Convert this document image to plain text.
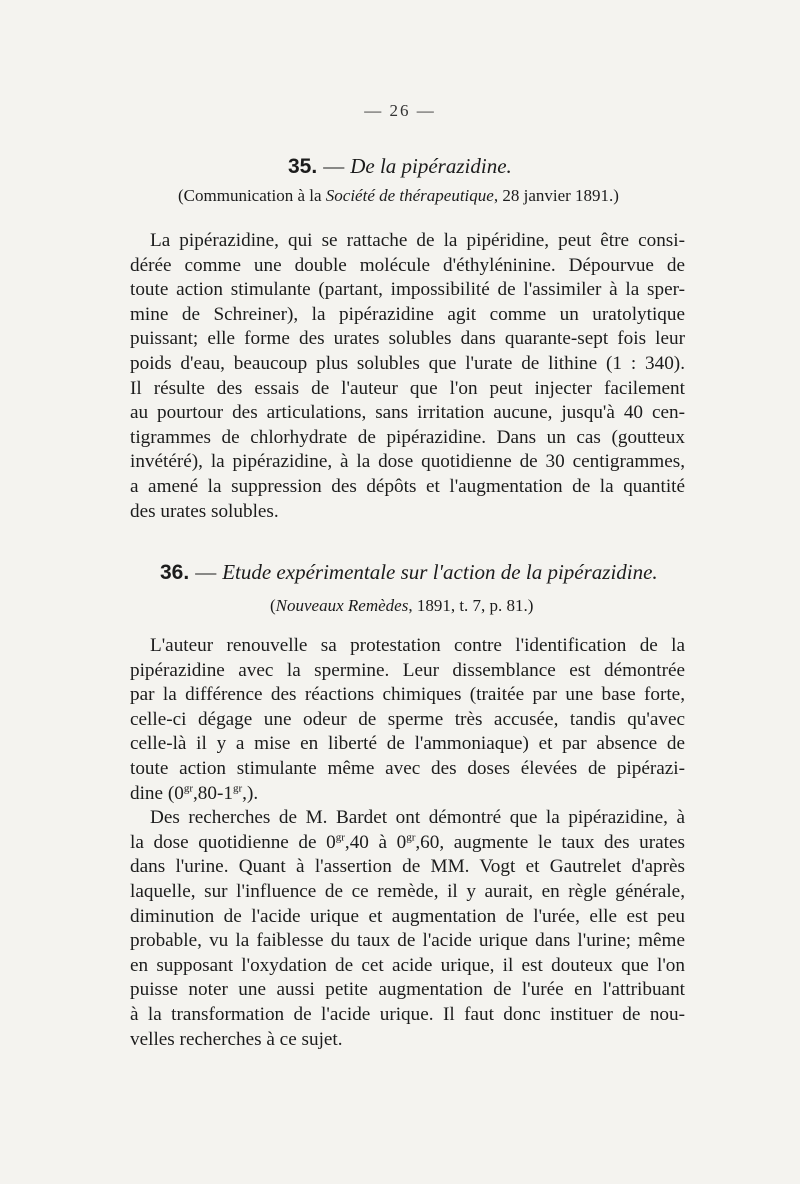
— 26 —
35. — De la pipérazidine.
(Communication à la Société de thérapeutique, 28 janvier 1891.)

La pipérazidine, qui se rattache de la pipéridine, peut être consi-
dérée comme une double molécule d'éthyléninine. Dépourvue de
toute action stimulante (partant, impossibilité de l'assimiler à la sper-
mine de Schreiner), la pipérazidine agit comme un uratolytique
puissant; elle forme des urates solubles dans quarante-sept fois leur
poids d'eau, beaucoup plus solubles que l'urate de lithine (1 : 340).
Il résulte des essais de l'auteur que l'on peut injecter facilement
au pourtour des articulations, sans irritation aucune, jusqu'à 40 cen-
tigrammes de chlorhydrate de pipérazidine. Dans un cas (goutteux
invétéré), la pipérazidine, à la dose quotidienne de 30 centigrammes,
a amené la suppression des dépôts et l'augmentation de la quantité
des urates solubles.

36. — Etude expérimentale sur l'action de la pipérazidine.
(Nouveaux Remèdes, 1891, t. 7, p. 81.)

L'auteur renouvelle sa protestation contre l'identification de la
pipérazidine avec la spermine. Leur dissemblance est démontrée
par la différence des réactions chimiques (traitée par une base forte,
celle-ci dégage une odeur de sperme très accusée, tandis qu'avec
celle-là il y a mise en liberté de l'ammoniaque) et par absence de
toute action stimulante même avec des doses élevées de pipérazi-
dine $(0^{gr},80-1^{gr},)$.

Des recherches de M. Bardet ont démontré que la pipérazidine, à
la dose quotidienne de $0^{gr},40$ à $0^{gr},60$, augmente le taux des urates
dans l'urine. Quant à l'assertion de MM. Vogt et Gautrelet d'après
laquelle, sur l'influence de ce remède, il y aurait, en règle générale,
diminution de l'acide urique et augmentation de l'urée, elle est peu
probable, vu la faiblesse du taux de l'acide urique dans l'urine; même
en supposant l'oxydation de cet acide urique, il est douteux que l'on
puisse noter une aussi petite augmentation de l'urée en l'attribuant
à la transformation de l'acide urique. Il faut donc instituer de nou-
velles recherches à ce sujet.
